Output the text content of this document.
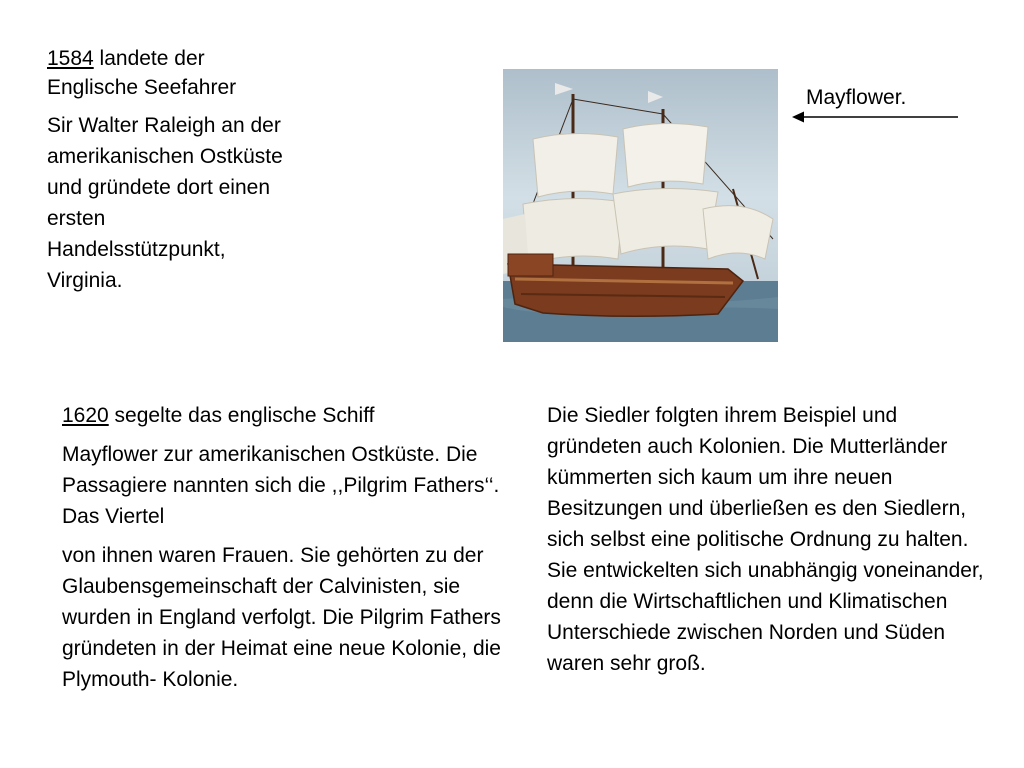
1584 landete der Englische Seefahrer
Sir Walter Raleigh an der amerikanischen Ostküste und gründete dort einen ersten Handelsstützpunkt, Virginia.
Mayflower.
1620 segelte das englische Schiff
Mayflower zur amerikanischen Ostküste. Die Passagiere nannten sich die ,,Pilgrim Fathers‘‘. Das Viertel
von ihnen waren Frauen. Sie gehörten zu der Glaubensgemeinschaft der Calvinisten, sie wurden in England verfolgt. Die Pilgrim Fathers gründeten in der Heimat eine neue Kolonie, die Plymouth- Kolonie.
Die Siedler folgten ihrem Beispiel und gründeten auch Kolonien. Die Mutterländer kümmerten sich kaum um ihre neuen Besitzungen und überließen es den Siedlern, sich selbst eine politische Ordnung zu halten. Sie entwickelten sich unabhängig voneinander, denn die Wirtschaftlichen und Klimatischen Unterschiede zwischen Norden und Süden waren sehr groß.
